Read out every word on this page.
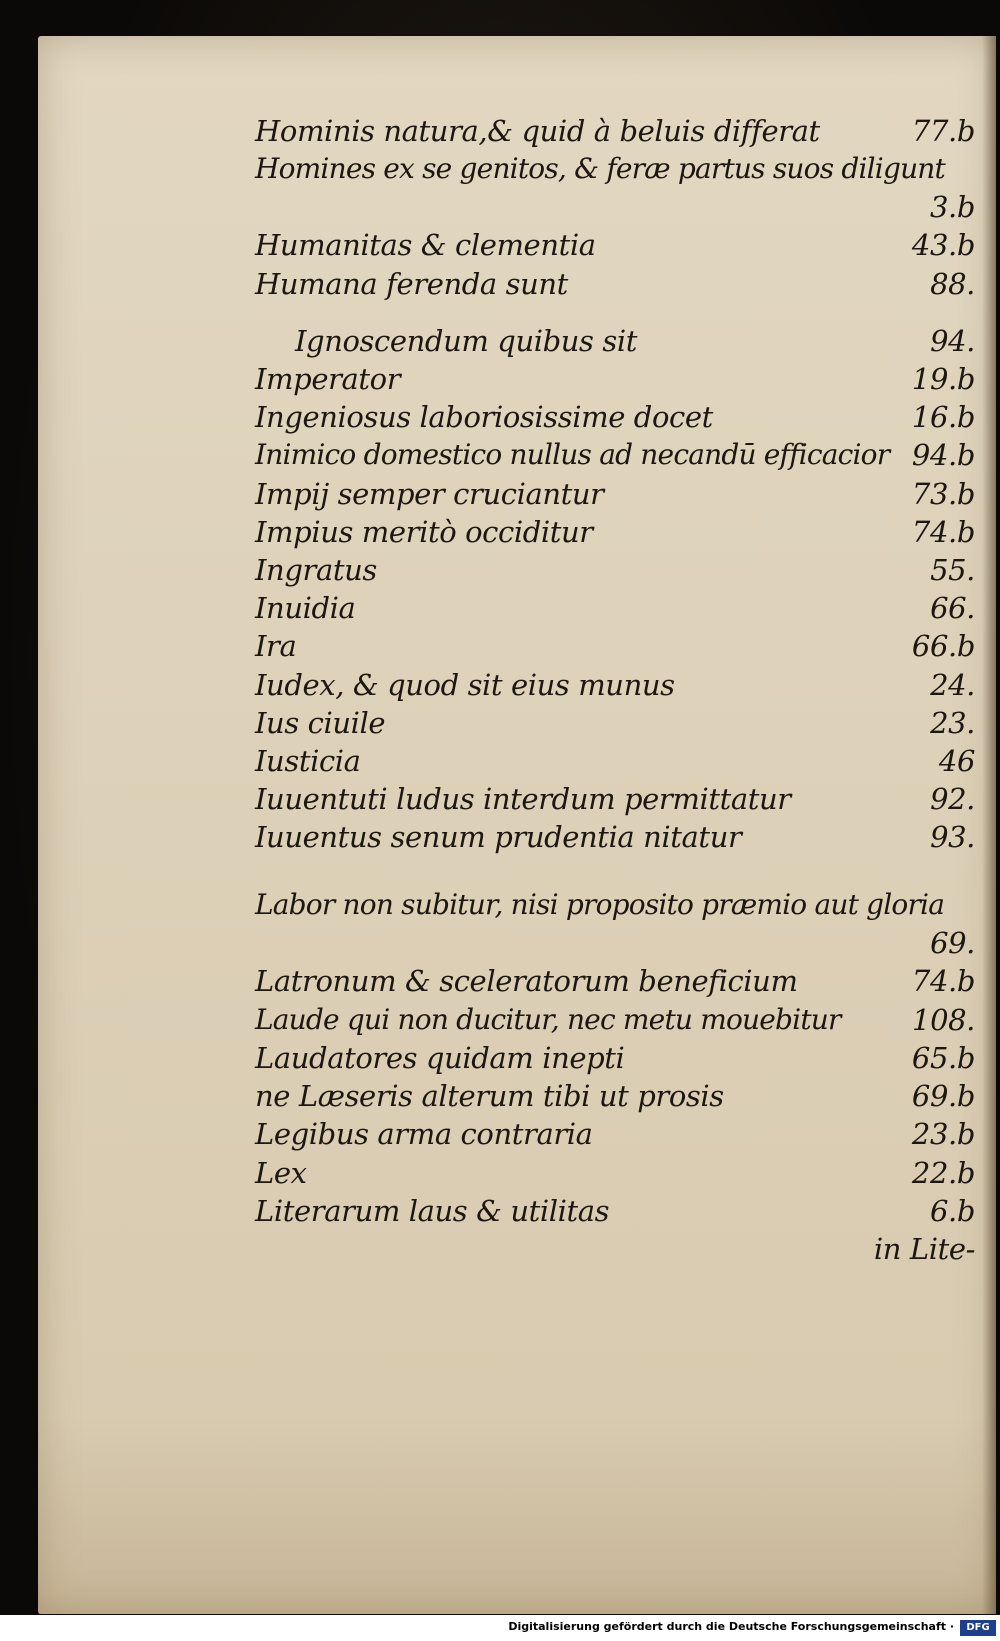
Hominis natura,& quid à beluis differat	77.b
Homines ex se genitos, & feræ partus suos diligunt
3.b
Humanitas & clementia	43.b
Humana ferenda sunt	88.
Ignoscendum quibus sit	94.
Imperator	19.b
Ingeniosus laboriosissime docet	16.b
Inimico domestico nullus ad necandū efficacior 94.b
Impij semper cruciantur	73.b
Impius meritò occiditur	74.b
Ingratus	55.
Inuidia	66.
Ira	66.b
Iudex, & quod sit eius munus	24.
Ius ciuile	23.
Iusticia	46
Iuuentuti ludus interdum permittatur	92.
Iuuentus senum prudentia nitatur	93.
Labor non subitur, nisi proposito præmio aut gloria
69.
Latronum & sceleratorum beneficium	74.b
Laude qui non ducitur, nec metu mouebitur 108.
Laudatores quidam inepti	65.b
ne Læseris alterum tibi ut prosis	69.b
Legibus arma contraria	23.b
Lex	22.b
Literarum laus & utilitas	6.b
in Lite-
Digitalisierung gefördert durch die Deutsche Forschungsgemeinschaft ·	DFG
